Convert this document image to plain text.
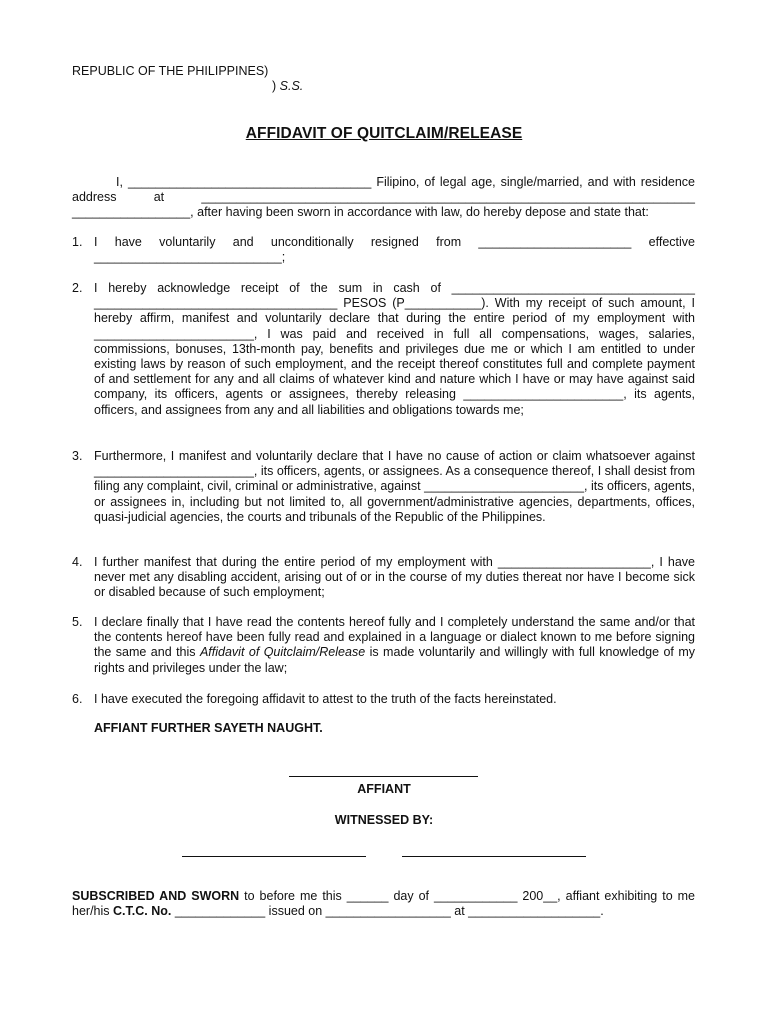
REPUBLIC OF THE PHILIPPINES)
) S.S.
AFFIDAVIT OF QUITCLAIM/RELEASE
I, ___________________________________ Filipino, of legal age, single/married, and with residence address at _______________________________________________________________________ _________________, after having been sworn in accordance with law, do hereby depose and state that:
1. I have voluntarily and unconditionally resigned from ______________________ effective ___________________________;
2. I hereby acknowledge receipt of the sum in cash of ___________________________________ ___________________________________ PESOS (P___________). With my receipt of such amount, I hereby affirm, manifest and voluntarily declare that during the entire period of my employment with _______________________, I was paid and received in full all compensations, wages, salaries, commissions, bonuses, 13th-month pay, benefits and privileges due me or which I am entitled to under existing laws by reason of such employment, and the receipt thereof constitutes full and complete payment of and settlement for any and all claims of whatever kind and nature which I have or may have against said company, its officers, agents or assignees, thereby releasing _______________________, its agents, officers, and assignees from any and all liabilities and obligations towards me;
3. Furthermore, I manifest and voluntarily declare that I have no cause of action or claim whatsoever against _______________________, its officers, agents, or assignees. As a consequence thereof, I shall desist from filing any complaint, civil, criminal or administrative, against _______________________, its officers, agents, or assignees in, including but not limited to, all government/administrative agencies, departments, offices, quasi-judicial agencies, the courts and tribunals of the Republic of the Philippines.
4. I further manifest that during the entire period of my employment with ______________________, I have never met any disabling accident, arising out of or in the course of my duties thereat nor have I become sick or disabled because of such employment;
5. I declare finally that I have read the contents hereof fully and I completely understand the same and/or that the contents hereof have been fully read and explained in a language or dialect known to me before signing the same and this Affidavit of Quitclaim/Release is made voluntarily and willingly with full knowledge of my rights and privileges under the law;
6. I have executed the foregoing affidavit to attest to the truth of the facts hereinstated.
AFFIANT FURTHER SAYETH NAUGHT.
AFFIANT
WITNESSED BY:
SUBSCRIBED AND SWORN to before me this ______ day of ____________ 200__, affiant exhibiting to me her/his C.T.C. No. _____________ issued on __________________ at ___________________.
